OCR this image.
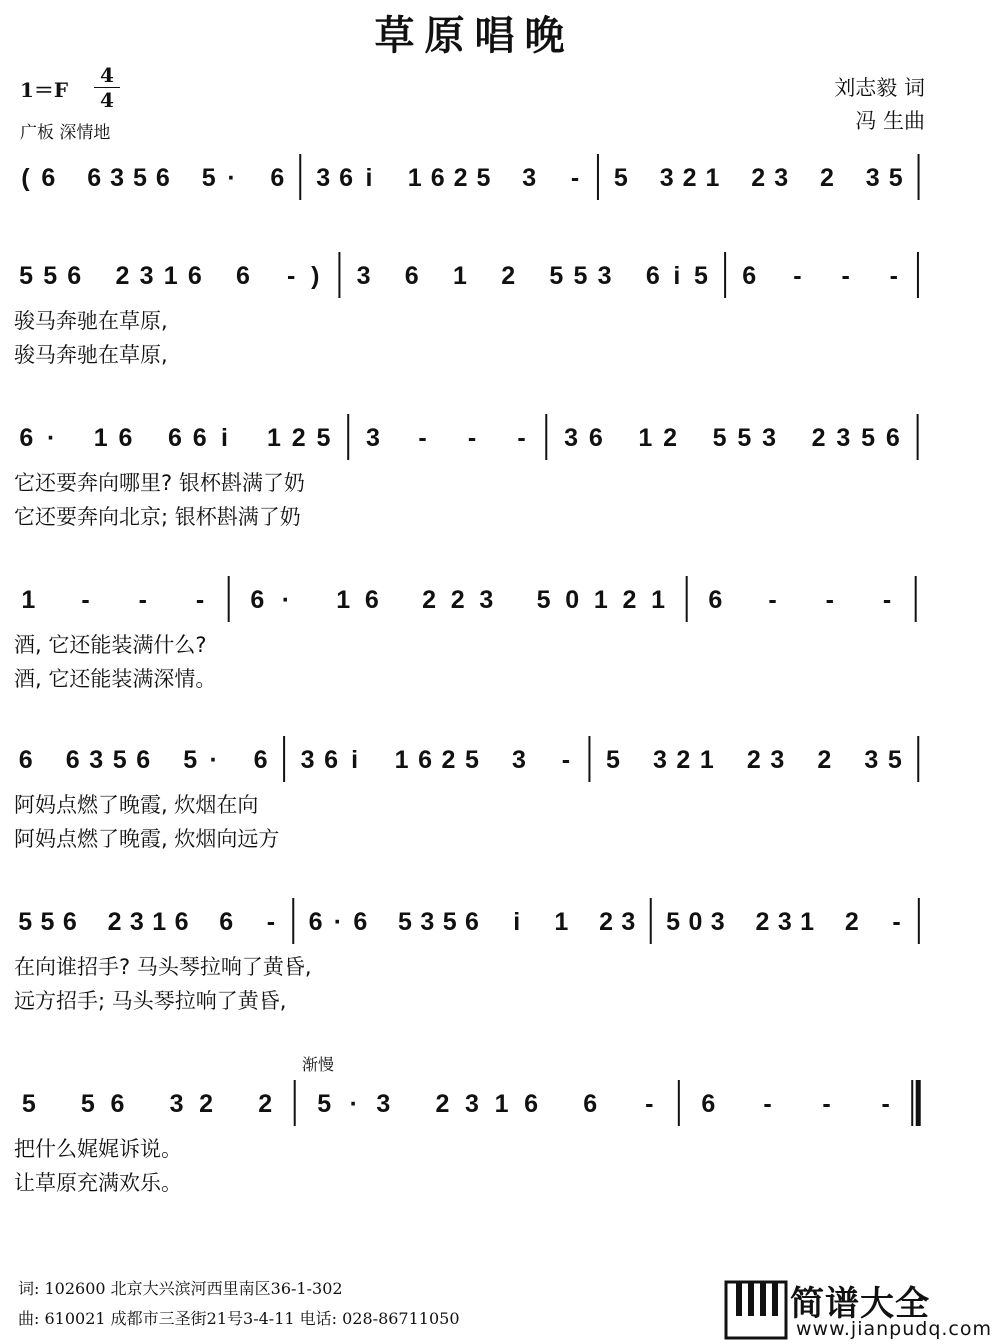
草原唱晚
1＝F
4
4
广板 深情地
刘志毅 词
冯 生曲
( 6 6 3 5 6 5 · 6 3 6 i 1 6 2 5 3 - 5 3 2 1 2 3 2 3 5
5 5 6 2 3 1 6 6 - ) 3 6 1 2 5 5 3 6 i 5 6 - - -
骏马奔驰在草原,
骏马奔驰在草原,
6 · 1 6 6 6 i 1 2 5 3 - - - 3 6 1 2 5 5 3 2 3 5 6
它还要奔向哪里? 银杯斟满了奶
它还要奔向北京; 银杯斟满了奶
1 - - - 6 · 1 6 2 2 3 5 0 1 2 1 6 - - -
酒, 它还能装满什么?
酒, 它还能装满深情。
6 6 3 5 6 5 · 6 3 6 i 1 6 2 5 3 - 5 3 2 1 2 3 2 3 5
阿妈点燃了晚霞, 炊烟在向
阿妈点燃了晚霞, 炊烟向远方
5 5 6 2 3 1 6 6 - 6 · 6 5 3 5 6 i 1 2 3 5 0 3 2 3 1 2 -
在向谁招手? 马头琴拉响了黄昏,
远方招手; 马头琴拉响了黄昏,
5 5 6 3 2 2 5 · 3 2 3 1 6 6 - 6 - - -
把什么娓娓诉说。
让草原充满欢乐。
渐慢
词: 102600 北京大兴滨河西里南区36-1-302
曲: 610021 成都市三圣街21号3-4-11 电话: 028-86711050	简谱大全
www.jianpudq.com
